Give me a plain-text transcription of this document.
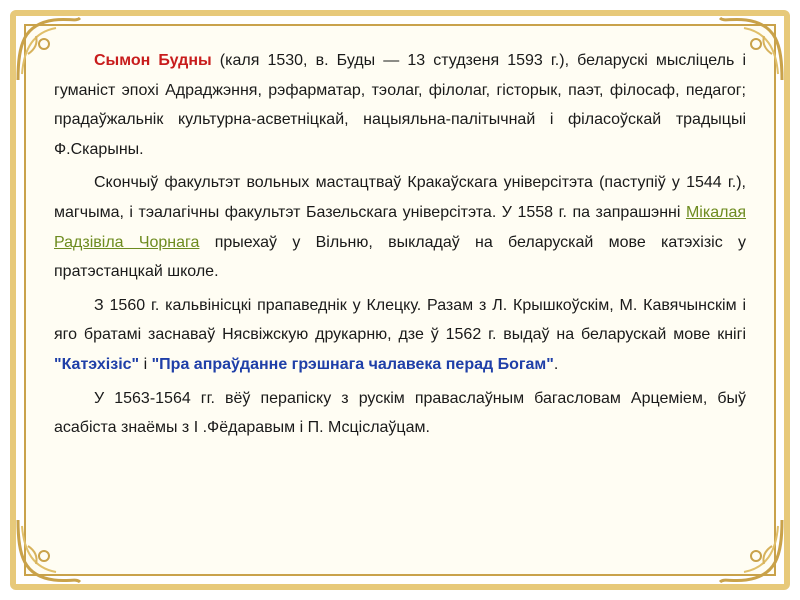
Сымон Будны (каля 1530, в. Буды — 13 студзеня 1593 г.), беларускі мысліцель і гуманіст эпохі Адраджэння, рэфарматар, тэолаг, філолаг, гісторык, паэт, філосаф, педагог; прадаўжальнік культурна-асветніцкай, нацыяльна-палітычнай і філасоўскай традыцыі Ф.Скарыны.

Скончыў факультэт вольных мастацтваў Кракаўскага універсітэта (паступіў у 1544 г.), магчыма, і тэалагічны факультэт Базельскага універсітэта. У 1558 г. па запрашэнні Мікалая Радзівіла Чорнага прыехаў у Вільню, выкладаў на беларускай мове катэхізіс у пратэстанцкай школе.

З 1560 г. кальвінісцкі прапаведнік у Клецку. Разам з Л. Крышкоўскім, М. Кавячынскім і яго братамі заснаваў Нясвіжскую друкарню, дзе ў 1562 г. выдаў на беларускай мове кнігі "Катэхізіс" і "Пра апраўданне грэшнага чалавека перад Богам".

У 1563-1564 гг. вёў перапіску з рускім праваслаўным багасловам Арцеміем, быў асабіста знаёмы з І .Фёдаравым і П. Мсціслаўцам.
